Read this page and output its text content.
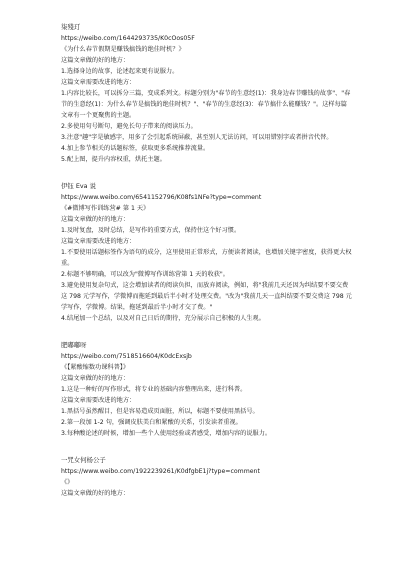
柒殘玎

https://weibo.com/1644293735/K0cOos05F

《为什么春节假期是赚钱搞钱的绝佳时机？》

这篇文章做的好的地方：

1.选择身边的故事，论述起来更有说服力。

这篇文章需要改进的地方：

1.内容比较长，可以拆分三篇，变成系列文。标题分别为"春节的生意经(1)：我身边春节赚钱的故事"、"春节的生意经(1)：为什么春节是搞钱的绝佳时机？"、"春节的生意经(3)：春节搞什么能赚钱？"。这样每篇文章有一个更聚焦的主题。

2.多使用句号断句，避免长句子带来的阅读压力。

3.注意"趣"字是敏感字，用多了会引起系统屏蔽，甚至别人无法访问，可以用错别字或者拼音代替。

4.加上参节相关的话题标签，获取更多系统推荐流量。

5.配上图，提升内容权重，烘托主题。

伊钰 Eva 说

https://www.weibo.com/6541152796/K08fs1NFe?type=comment

《#微博写作训练营# 第 1 天》

这篇文章做的好的地方：

1.及时复盘，及时总结，是写作的重要方式，保持住这个好习惯。

这篇文章需要改进的地方：

1.不要使用话题标签作为语句的成分，这里使用正常形式，方便读者阅读，也增加关键字密度，获得更大权重。

2.标题不够明确，可以改为"微博写作训练营第 1 天的收获"。

3.避免使用复杂句式，这会增加读者的阅读负担，而放弃阅读，例如，将"我前几天还因为纠结要不要交费这 798 元学写作，学微博而拖延到最后半小时才处理交费。"改为"我前几天一直纠结要不要交费这 798 元学写作，学微博。结果，拖延到最后半小时才交了费。"

4.结尾加一个总结，以及对自己日后的期待，充分展示自己积极的人生观。

肥嘟嘟呀

https://weibo.com/7518516604/K0dcExsjb

《【紧酸缩数功课科普】》

这篇文章做的好的地方：

1.这是一种好的写作形式，将专业的基础内容整理出来，进行科普。

这篇文章需要改进的地方：

1.黑括号虽然醒目，但是容易造成页面脏，所以，标题不要使用黑括号。

2.第一段加 1-2 句，强调皮肤美白和紧酸的关系，引发读者重视。

3.每种酸论述的时候，增加一些个人使用经验或者感受，增加内容的说服力。

一咒女何杨公子

https://www.weibo.com/1922239261/K0dfgbE1j?type=comment

《》

这篇文章做的好的地方：
